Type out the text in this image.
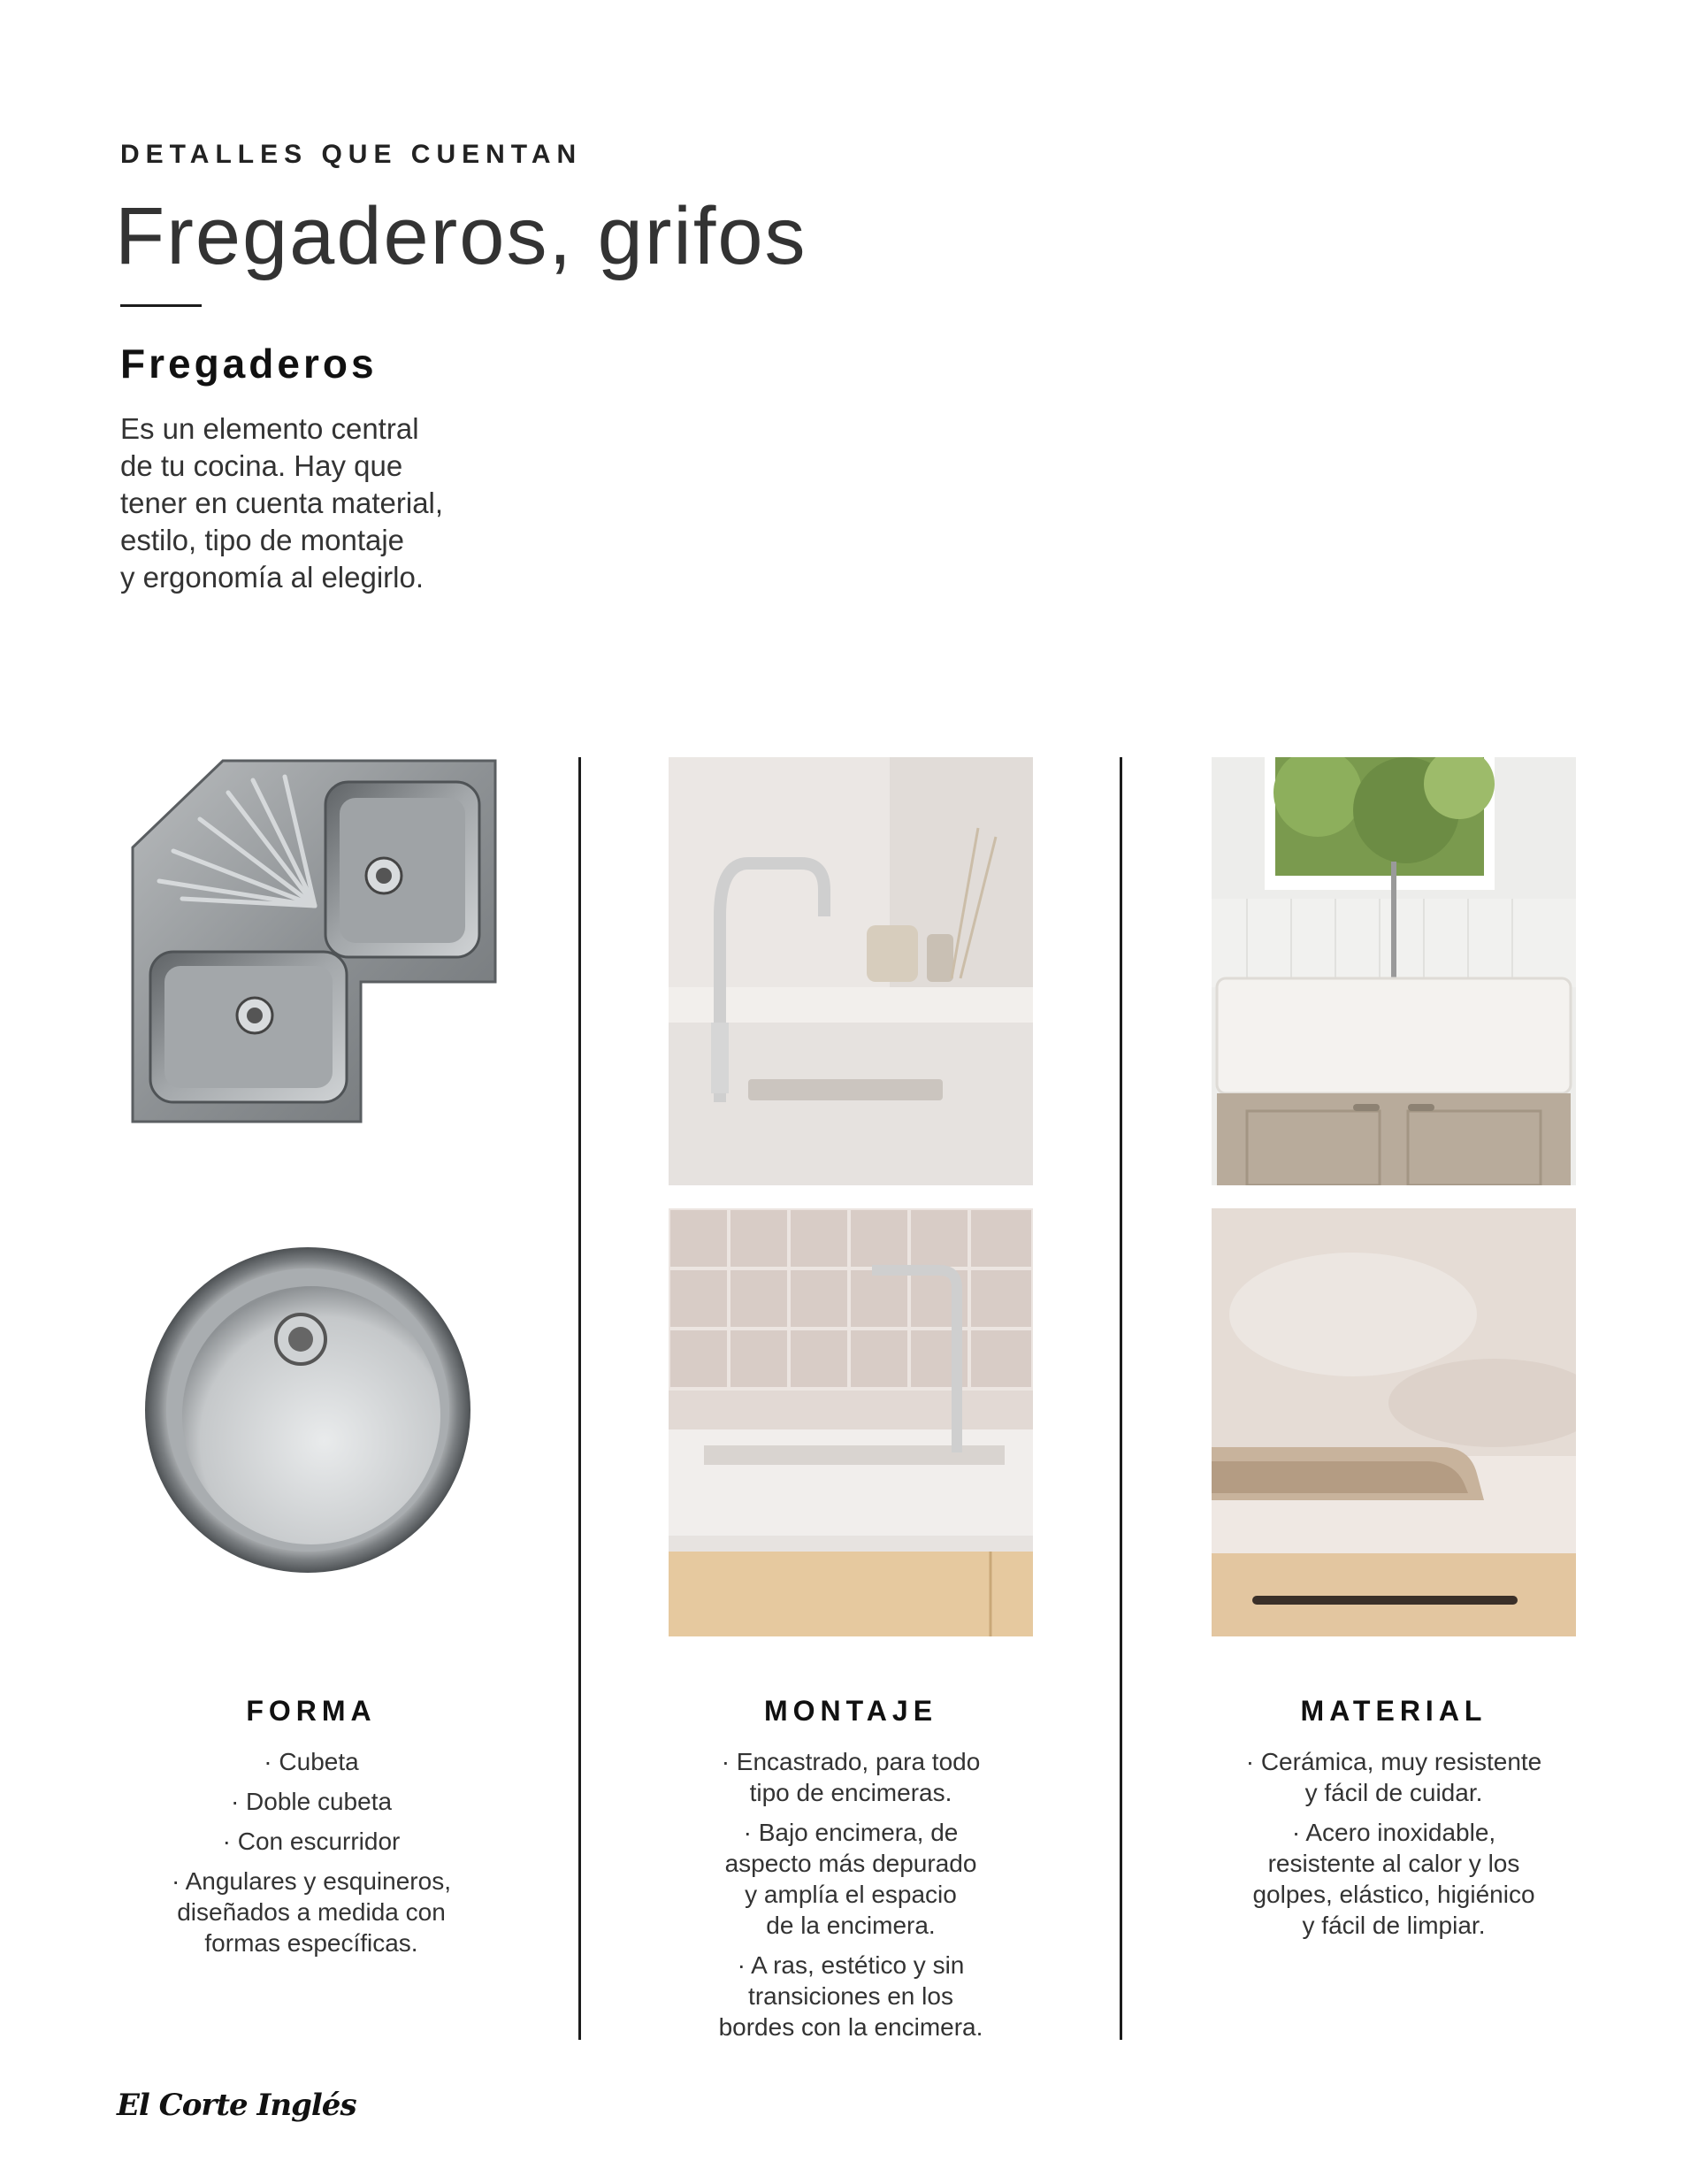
DETALLES QUE CUENTAN
Fregaderos, grifos
Fregaderos
Es un elemento central
de tu cocina. Hay que
tener en cuenta material,
estilo, tipo de montaje
y ergonomía al elegirlo.
FORMA
· Cubeta
· Doble cubeta
· Con escurridor
· Angulares y esquineros,
diseñados a medida con
formas específicas.
MONTAJE
· Encastrado, para todo
tipo de encimeras.
· Bajo encimera, de
aspecto más depurado
y amplía el espacio
de la encimera.
· A ras, estético y sin
transiciones en los
bordes con la encimera.
MATERIAL
· Cerámica, muy resistente
y fácil de cuidar.
· Acero inoxidable,
resistente al calor y los
golpes, elástico, higiénico
y fácil de limpiar.
El Corte Inglés
